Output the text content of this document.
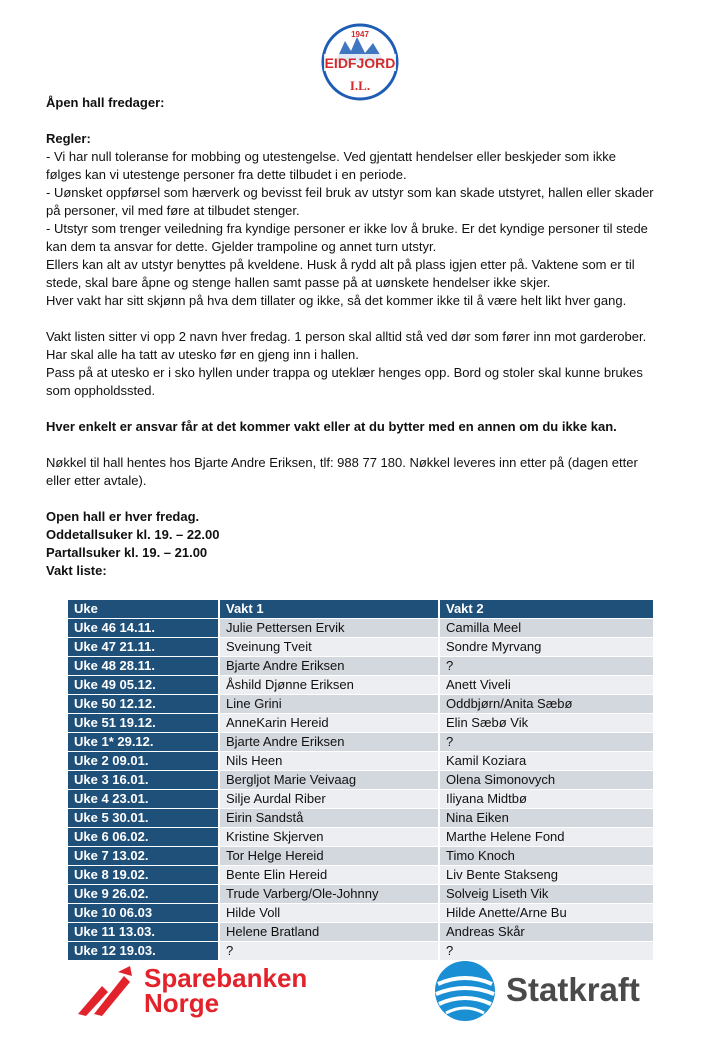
1947
EIDFJORD
I.L.

Åpen hall fredager:

Regler:

- Vi har null toleranse for mobbing og utestengelse. Ved gjentatt hendelser eller beskjeder som ikke

følges kan vi utestenge personer fra dette tilbudet i en periode.

- Uønsket oppførsel som hærverk og bevisst feil bruk av utstyr som kan skade utstyret, hallen eller skader

på personer, vil med føre at tilbudet stenger.

- Utstyr som trenger veiledning fra kyndige personer er ikke lov å bruke. Er det kyndige personer til stede

kan dem ta ansvar for dette. Gjelder trampoline og annet turn utstyr.

Ellers kan alt av utstyr benyttes på kveldene. Husk å rydd alt på plass igjen etter på. Vaktene som er til

stede, skal bare åpne og stenge hallen samt passe på at uønskete hendelser ikke skjer.

Hver vakt har sitt skjønn på hva dem tillater og ikke, så det kommer ikke til å være helt likt hver gang.

Vakt listen sitter vi opp 2 navn hver fredag. 1 person skal alltid stå ved dør som fører inn mot garderober.

Har skal alle ha tatt av utesko før en gjeng inn i hallen.

Pass på at utesko er i sko hyllen under trappa og uteklær henges opp. Bord og stoler skal kunne brukes

som oppholdssted.

Hver enkelt er ansvar får at det kommer vakt eller at du bytter med en annen om du ikke kan.

Nøkkel til hall hentes hos Bjarte Andre Eriksen, tlf: 988 77 180. Nøkkel leveres inn etter på (dagen etter

eller etter avtale).

Open hall er hver fredag.

Oddetallsuker kl. 19. – 22.00

Partallsuker kl. 19. – 21.00

Vakt liste:

Uke	Vakt 1	Vakt 2
Uke 46 14.11.	Julie Pettersen Ervik	Camilla Meel
Uke 47 21.11.	Sveinung Tveit	Sondre Myrvang
Uke 48 28.11.	Bjarte Andre Eriksen	?
Uke 49 05.12.	Åshild Djønne Eriksen	Anett Viveli
Uke 50 12.12.	Line Grini	Oddbjørn/Anita Sæbø
Uke 51 19.12.	AnneKarin Hereid	Elin Sæbø Vik
Uke 1* 29.12.	Bjarte Andre Eriksen	?
Uke 2 09.01.	Nils Heen	Kamil Koziara
Uke 3 16.01.	Bergljot Marie Veivaag	Olena Simonovych
Uke 4 23.01.	Silje Aurdal Riber	Iliyana Midtbø
Uke 5 30.01.	Eirin Sandstå	Nina Eiken
Uke 6 06.02.	Kristine Skjerven	Marthe Helene Fond
Uke 7 13.02.	Tor Helge Hereid	Timo Knoch
Uke 8 19.02.	Bente Elin Hereid	Liv Bente Stakseng
Uke 9 26.02.	Trude Varberg/Ole-Johnny	Solveig Liseth Vik
Uke 10 06.03	Hilde Voll	Hilde Anette/Arne Bu
Uke 11 13.03.	Helene Bratland	Andreas Skår
Uke 12 19.03.	?	?
Sparebanken
Norge	Statkraft
